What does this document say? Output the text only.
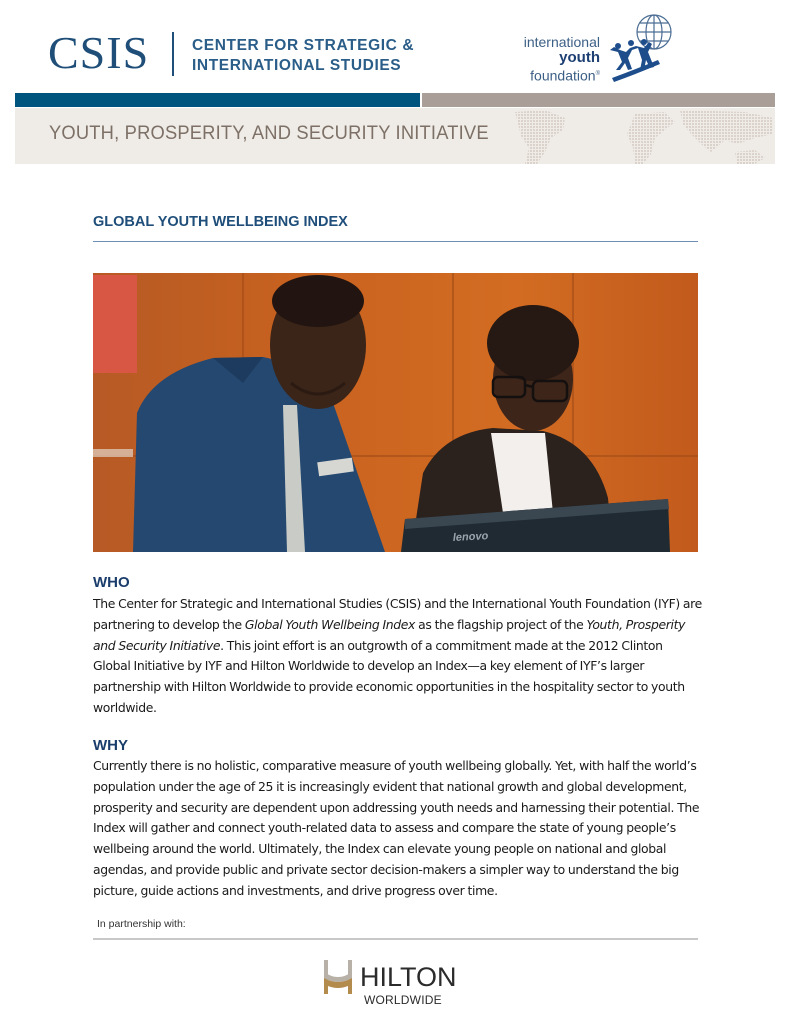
CSIS	CENTER FOR STRATEGIC &
INTERNATIONAL STUDIES
international
youth
foundation®
YOUTH, PROSPERITY, AND SECURITY INITIATIVE
GLOBAL YOUTH WELLBEING INDEX
lenovo
WHO
The Center for Strategic and International Studies (CSIS) and the International Youth Foundation (IYF) are partnering to develop the Global Youth Wellbeing Index as the flagship project of the Youth, Prosperity and Security Initiative. This joint effort is an outgrowth of a commitment made at the 2012 Clinton Global Initiative by IYF and Hilton Worldwide to develop an Index—a key element of IYF’s larger partnership with Hilton Worldwide to provide economic opportunities in the hospitality sector to youth worldwide.
WHY
Currently there is no holistic, comparative measure of youth wellbeing globally. Yet, with half the world’s population under the age of 25 it is increasingly evident that national growth and global development, prosperity and security are dependent upon addressing youth needs and harnessing their potential. The Index will gather and connect youth-related data to assess and compare the state of young people’s wellbeing around the world. Ultimately, the Index can elevate young people on national and global agendas, and provide public and private sector decision-makers a simpler way to understand the big picture, guide actions and investments, and drive progress over time.
In partnership with:
HILTON
WORLDWIDE
